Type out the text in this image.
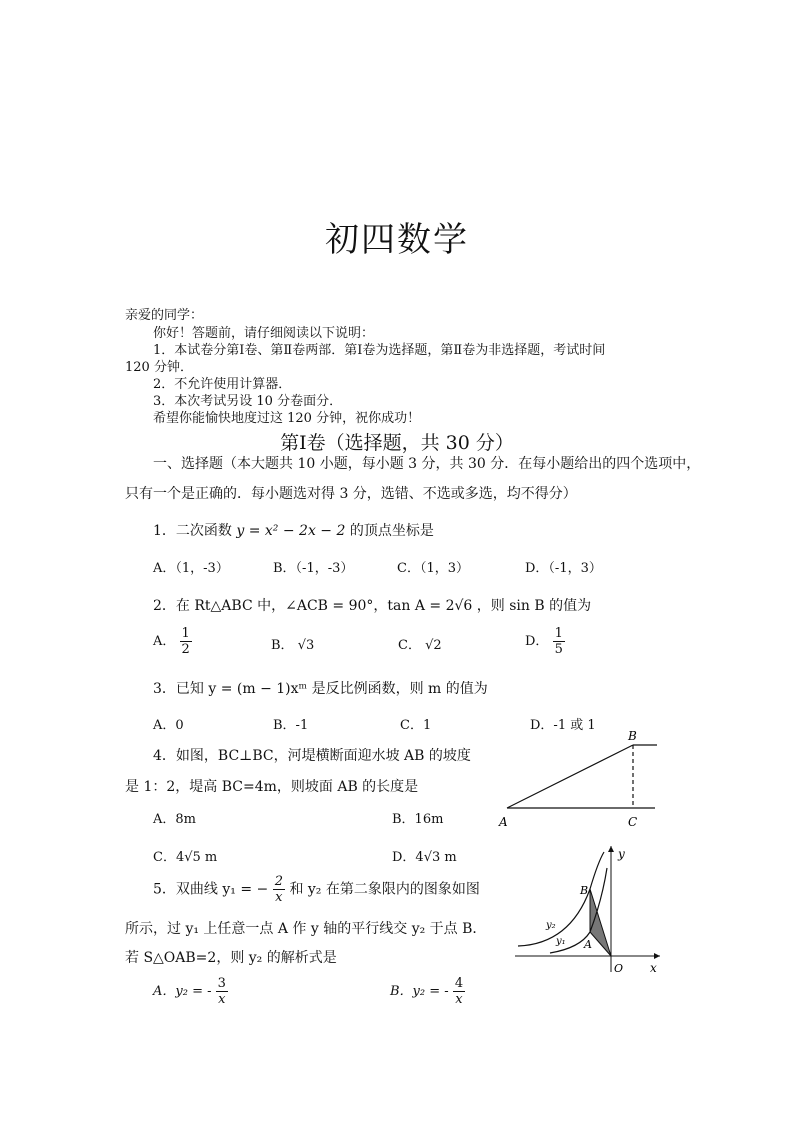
初四数学
亲爱的同学：
你好！答题前，请仔细阅读以下说明：
1．本试卷分第Ⅰ卷、第Ⅱ卷两部．第Ⅰ卷为选择题，第Ⅱ卷为非选择题，考试时间
120 分钟．
2．不允许使用计算器．
3．本次考试另设 10 分卷面分．
希望你能愉快地度过这 120 分钟，祝你成功！
第Ⅰ卷（选择题，共 30 分）
一、选择题（本大题共 10 小题，每小题 3 分，共 30 分．在每小题给出的四个选项中，
只有一个是正确的．每小题选对得 3 分，选错、不选或多选，均不得分）
1．二次函数 y = x² − 2x − 2 的顶点坐标是
A．（1，-3）	B．（-1，-3）	C．（1，3）	D．（-1，3）
2．在 Rt△ABC 中，∠ACB = 90°，tan A = 2√6 ，则 sin B 的值为
A． $\frac{1}{2}$	B． √3	C． √2	D． $\frac{1}{5}$
3．已知 y = (m − 1)xᵐ 是反比例函数，则 m 的值为
A．0	B．-1	C．1	D．-1 或 1
4．如图，BC⊥BC，河堤横断面迎水坡 AB 的坡度
是 1：2，堤高 BC=4m，则坡面 AB 的长度是
A．8m	B．16m
C．4√5 m	D．4√3 m
A
B
C
5．双曲线 y₁ = − $\frac{2}{x}$ 和 y₂ 在第二象限内的图象如图
所示，过 y₁ 上任意一点 A 作 y 轴的平行线交 y₂ 于点 B．
若 S△OAB=2，则 y₂ 的解析式是
A．y₂ = - $\frac{3}{x}$	B．y₂ = - $\frac{4}{x}$
y
x
O
B
A
y₁
y₂
